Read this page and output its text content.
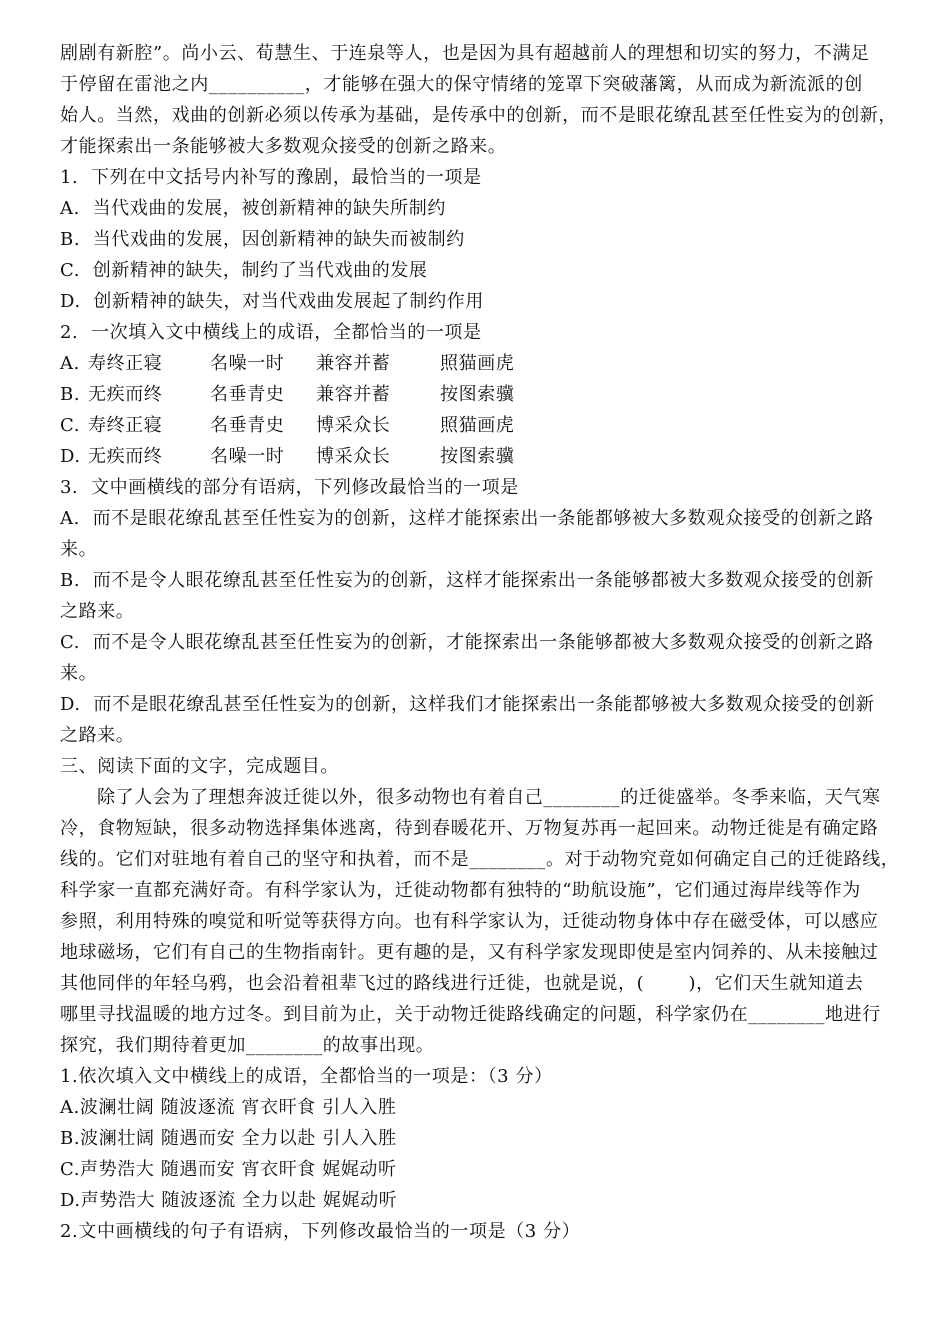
剧剧有新腔”。尚小云、荀慧生、于连泉等人，也是因为具有超越前人的理想和切实的努力，不满足

于停留在雷池之内__________，才能够在强大的保守情绪的笼罩下突破藩篱，从而成为新流派的创

始人。当然，戏曲的创新必须以传承为基础，是传承中的创新，而不是眼花缭乱甚至任性妄为的创新，

才能探索出一条能够被大多数观众接受的创新之路来。

1.  下列在中文括号内补写的豫剧，最恰当的一项是

A.  当代戏曲的发展，被创新精神的缺失所制约

B.  当代戏曲的发展，因创新精神的缺失而被制约

C.  创新精神的缺失，制约了当代戏曲的发展

D.  创新精神的缺失，对当代戏曲发展起了制约作用

2.  一次填入文中横线上的成语，全都恰当的一项是

A. 寿终正寝	名噪一时	兼容并蓄	照猫画虎
B. 无疾而终	名垂青史	兼容并蓄	按图索骥
C. 寿终正寝	名垂青史	博采众长	照猫画虎
D. 无疾而终	名噪一时	博采众长	按图索骥

3.  文中画横线的部分有语病，下列修改最恰当的一项是

A.  而不是眼花缭乱甚至任性妄为的创新，这样才能探索出一条能都够被大多数观众接受的创新之路

来。

B.  而不是令人眼花缭乱甚至任性妄为的创新，这样才能探索出一条能够都被大多数观众接受的创新

之路来。

C.  而不是令人眼花缭乱甚至任性妄为的创新，才能探索出一条能够都被大多数观众接受的创新之路

来。

D.  而不是眼花缭乱甚至任性妄为的创新，这样我们才能探索出一条能都够被大多数观众接受的创新

之路来。

三、阅读下面的文字，完成题目。

除了人会为了理想奔波迁徙以外，很多动物也有着自己________的迁徙盛举。冬季来临，天气寒

冷，食物短缺，很多动物选择集体逃离，待到春暖花开、万物复苏再一起回来。动物迁徙是有确定路

线的。它们对驻地有着自己的坚守和执着，而不是________。对于动物究竟如何确定自己的迁徙路线，

科学家一直都充满好奇。有科学家认为，迁徙动物都有独特的“助航设施”，它们通过海岸线等作为

参照，利用特殊的嗅觉和听觉等获得方向。也有科学家认为，迁徙动物身体中存在磁受体，可以感应

地球磁场，它们有自己的生物指南针。更有趣的是，又有科学家发现即使是室内饲养的、从未接触过

其他同伴的年轻乌鸦，也会沿着祖辈飞过的路线进行迁徙，也就是说，(       )，它们天生就知道去

哪里寻找温暖的地方过冬。到目前为止，关于动物迁徙路线确定的问题，科学家仍在________地进行

探究，我们期待着更加________的故事出现。

1.依次填入文中横线上的成语，全都恰当的一项是：（3 分）

A.波澜壮阔 随波逐流 宵衣旰食 引人入胜

B.波澜壮阔 随遇而安 全力以赴 引人入胜

C.声势浩大 随遇而安 宵衣旰食 娓娓动听

D.声势浩大 随波逐流 全力以赴 娓娓动听

2.文中画横线的句子有语病，下列修改最恰当的一项是（3 分）
